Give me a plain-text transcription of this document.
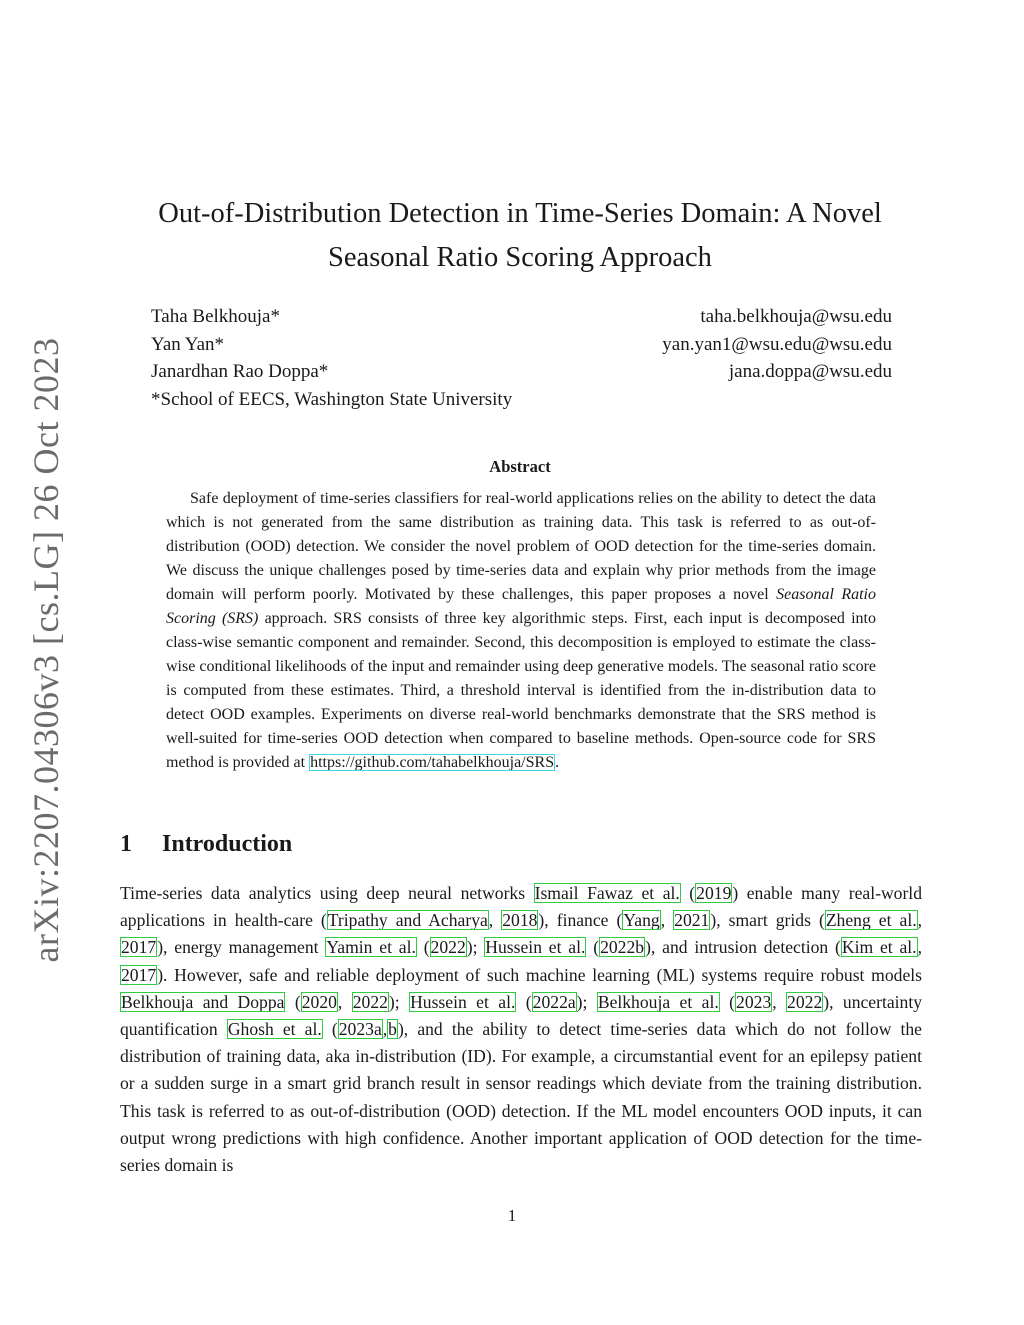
arXiv:2207.04306v3 [cs.LG] 26 Oct 2023
Out-of-Distribution Detection in Time-Series Domain: A Novel
Seasonal Ratio Scoring Approach
Taha Belkhouja*	taha.belkhouja@wsu.edu
Yan Yan*	yan.yan1@wsu.edu@wsu.edu
Janardhan Rao Doppa*	jana.doppa@wsu.edu
*School of EECS, Washington State University
Abstract
Safe deployment of time-series classifiers for real-world applications relies on the ability to detect the data which is not generated from the same distribution as training data. This task is referred to as out-of-distribution (OOD) detection. We consider the novel problem of OOD detection for the time-series domain. We discuss the unique challenges posed by time-series data and explain why prior methods from the image domain will perform poorly. Motivated by these challenges, this paper proposes a novel Seasonal Ratio Scoring (SRS) approach. SRS consists of three key algorithmic steps. First, each input is decomposed into class-wise semantic component and remainder. Second, this decomposition is employed to estimate the class-wise conditional likelihoods of the input and remainder using deep generative models. The seasonal ratio score is computed from these estimates. Third, a threshold interval is identified from the in-distribution data to detect OOD examples. Experiments on diverse real-world benchmarks demonstrate that the SRS method is well-suited for time-series OOD detection when compared to baseline methods. Open-source code for SRS method is provided at https://github.com/tahabelkhouja/SRS.
1 Introduction
Time-series data analytics using deep neural networks Ismail Fawaz et al. (2019) enable many real-world applications in health-care (Tripathy and Acharya, 2018), finance (Yang, 2021), smart grids (Zheng et al., 2017), energy management Yamin et al. (2022); Hussein et al. (2022b), and intrusion detection (Kim et al., 2017). However, safe and reliable deployment of such machine learning (ML) systems require robust models Belkhouja and Doppa (2020, 2022); Hussein et al. (2022a); Belkhouja et al. (2023, 2022), uncertainty quantification Ghosh et al. (2023a,b), and the ability to detect time-series data which do not follow the distribution of training data, aka in-distribution (ID). For example, a circumstantial event for an epilepsy patient or a sudden surge in a smart grid branch result in sensor readings which deviate from the training distribution. This task is referred to as out-of-distribution (OOD) detection. If the ML model encounters OOD inputs, it can output wrong predictions with high confidence. Another important application of OOD detection for the time-series domain is
1
